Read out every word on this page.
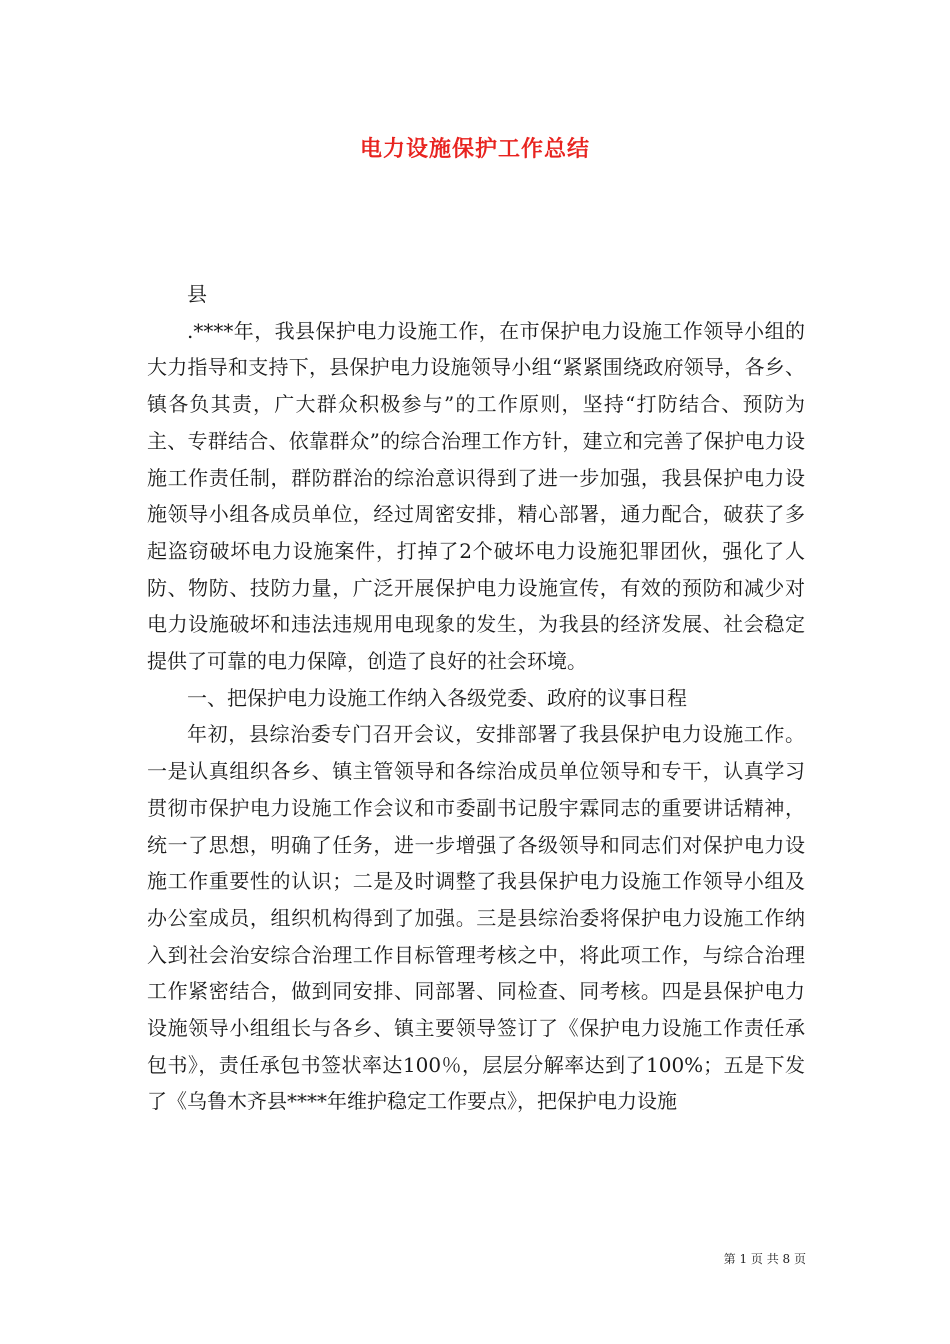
电力设施保护工作总结

县

.****年，我县保护电力设施工作，在市保护电力设施工作领导小组的大力指导和支持下，县保护电力设施领导小组“紧紧围绕政府领导，各乡、镇各负其责，广大群众积极参与”的工作原则，坚持“打防结合、预防为主、专群结合、依靠群众”的综合治理工作方针，建立和完善了保护电力设施工作责任制，群防群治的综治意识得到了进一步加强，我县保护电力设施领导小组各成员单位，经过周密安排，精心部署，通力配合，破获了多起盗窃破坏电力设施案件，打掉了2个破坏电力设施犯罪团伙，强化了人防、物防、技防力量，广泛开展保护电力设施宣传，有效的预防和减少对电力设施破坏和违法违规用电现象的发生，为我县的经济发展、社会稳定提供了可靠的电力保障，创造了良好的社会环境。

一、把保护电力设施工作纳入各级党委、政府的议事日程

年初，县综治委专门召开会议，安排部署了我县保护电力设施工作。一是认真组织各乡、镇主管领导和各综治成员单位领导和专干，认真学习贯彻市保护电力设施工作会议和市委副书记殷宇霖同志的重要讲话精神，统一了思想，明确了任务，进一步增强了各级领导和同志们对保护电力设施工作重要性的认识；二是及时调整了我县保护电力设施工作领导小组及办公室成员，组织机构得到了加强。三是县综治委将保护电力设施工作纳入到社会治安综合治理工作目标管理考核之中，将此项工作，与综合治理工作紧密结合，做到同安排、同部署、同检查、同考核。四是县保护电力设施领导小组组长与各乡、镇主要领导签订了《保护电力设施工作责任承包书》，责任承包书签状率达100％，层层分解率达到了100%；五是下发了《乌鲁木齐县****年维护稳定工作要点》，把保护电力设施

第 1 页 共 8 页
